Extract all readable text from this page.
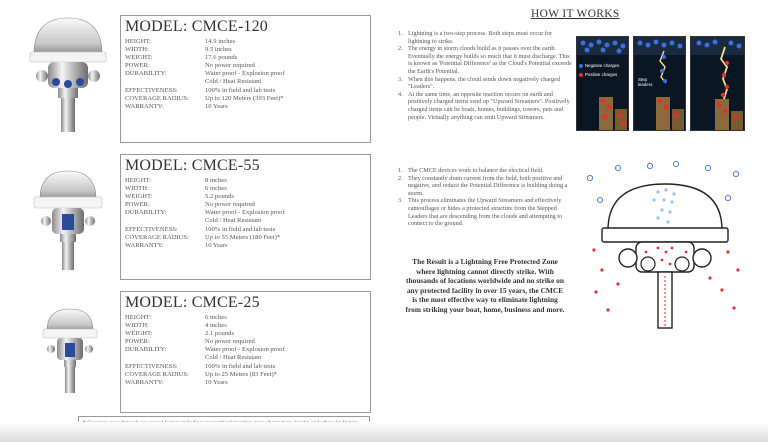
MODEL: CMCE-120
HEIGHT:	14.9 inches
WIDTH:	9.5 inches
WEIGHT:	17.6 pounds
POWER:	No power required
DURABILITY:	Water proof - Explosion proof
Cold / Heat Resistant
EFFECTIVENESS:	100% in field and lab tests
COVERAGE RADIUS:	Up to 120 Meters (393 Feet)*
WARRANTY:	10 Years
MODEL: CMCE-55
HEIGHT:	8 inches
WIDTH:	6 inches
WEIGHT:	5.2 pounds
POWER:	No power required
DURABILITY:	Water proof - Explosion proof
Cold / Heat Resistant
EFFECTIVENESS:	100% in field and lab tests
COVERAGE RADIUS:	Up to 55 Meters (180 Feet)*
WARRANTY:	10 Years
MODEL: CMCE-25
HEIGHT:	6 inches
WIDTH:	4 inches
WEIGHT:	2.1 pounds
POWER:	No power required
DURABILITY:	Water proof - Explosion proof
Cold / Heat Resistant
EFFECTIVENESS:	100% in field and lab tests
COVERAGE RADIUS:	Up to 25 Meters (83 Feet)*
WARRANTY:	10 Years
HOW IT WORKS
1. Lightning is a two-step process. Both steps must occur for lightning to strike.
2. The energy in storm clouds build as it passes over the earth. Eventually the energy builds so much that it must discharge. This is known as 'Potential Difference' as the Cloud's Potential exceeds the Earth's Potential.
3. When this happens, the cloud sends down negatively charged "Leaders".
4. At the same time, an opposite reaction occurs on earth and positively charged items send up "Upward Streamers". Positively charged items can be boats, homes, buildings, towers, pets and people. Virtually anything can emit Upward Streamers.
1. The CMCE devices work to balance the electical field.
2. They constantly drain current from the field, both positive and negative, and reduce the Potential Difference is building doing a storm.
3. This process eliminates the Upward Streamers and effectively camouflages or hides a protected structure from the Stepped Leaders that are descending from the clouds and attempting to connect to the ground.
The Result is a Lightning Free Protected Zone where lightning cannot directly strike. With thousands of locations worldwide and no strike on any protected facility in over 15 years, the CMCE is the most effective way to eliminate lightning from striking your boat, home, business and more.
Negative charges
Positive charges
Step leaders
